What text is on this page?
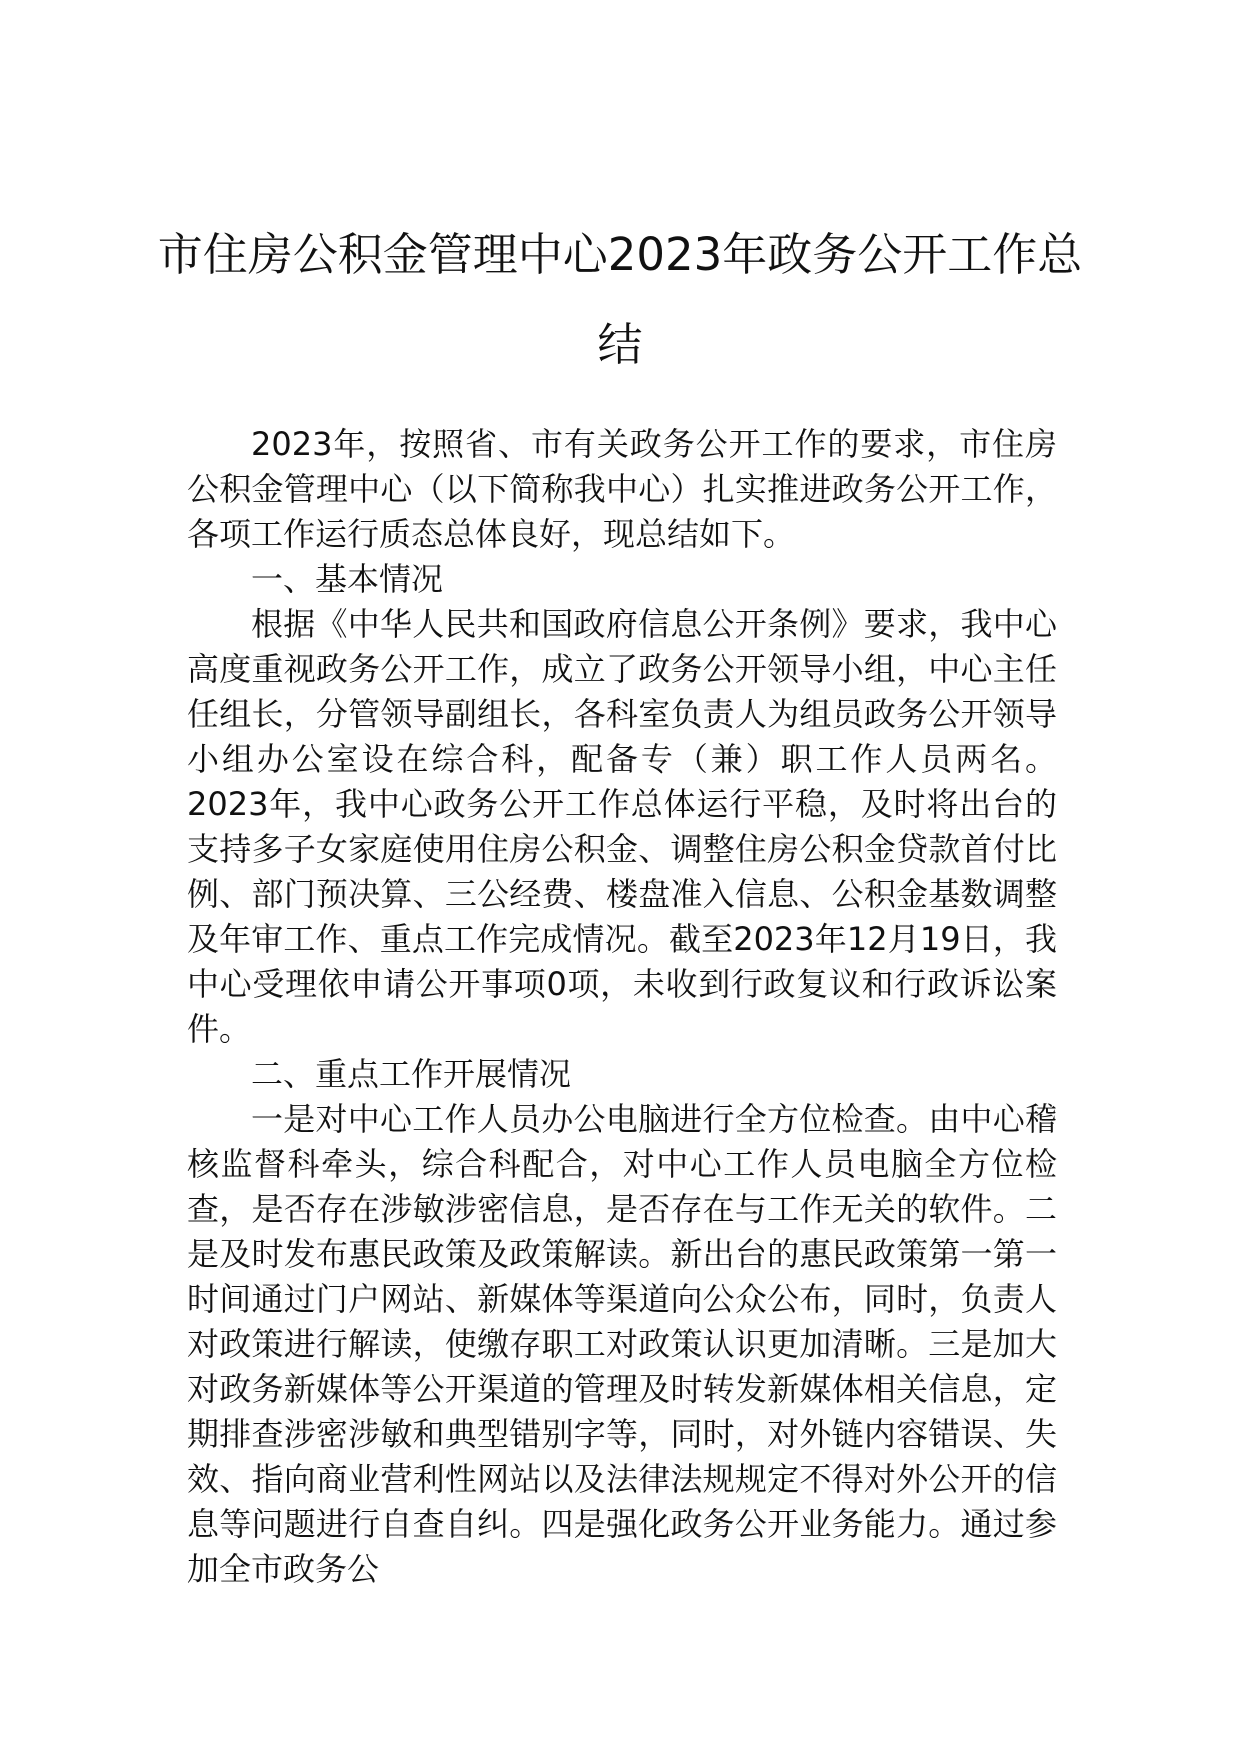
市住房公积金管理中心2023年政务公开工作总结

2023年，按照省、市有关政务公开工作的要求，市住房公积金管理中心（以下简称我中心）扎实推进政务公开工作，各项工作运行质态总体良好，现总结如下。

一、基本情况

根据《中华人民共和国政府信息公开条例》要求，我中心高度重视政务公开工作，成立了政务公开领导小组，中心主任任组长，分管领导副组长，各科室负责人为组员政务公开领导小组办公室设在综合科，配备专（兼）职工作人员两名。2023年，我中心政务公开工作总体运行平稳，及时将出台的支持多子女家庭使用住房公积金、调整住房公积金贷款首付比例、部门预决算、三公经费、楼盘准入信息、公积金基数调整及年审工作、重点工作完成情况。截至2023年12月19日，我中心受理依申请公开事项0项，未收到行政复议和行政诉讼案件。

二、重点工作开展情况

一是对中心工作人员办公电脑进行全方位检查。由中心稽核监督科牵头，综合科配合，对中心工作人员电脑全方位检查，是否存在涉敏涉密信息，是否存在与工作无关的软件。二是及时发布惠民政策及政策解读。新出台的惠民政策第一第一时间通过门户网站、新媒体等渠道向公众公布，同时，负责人对政策进行解读，使缴存职工对政策认识更加清晰。三是加大对政务新媒体等公开渠道的管理及时转发新媒体相关信息，定期排查涉密涉敏和典型错别字等，同时，对外链内容错误、失效、指向商业营利性网站以及法律法规规定不得对外公开的信息等问题进行自查自纠。四是强化政务公开业务能力。通过参加全市政务公
